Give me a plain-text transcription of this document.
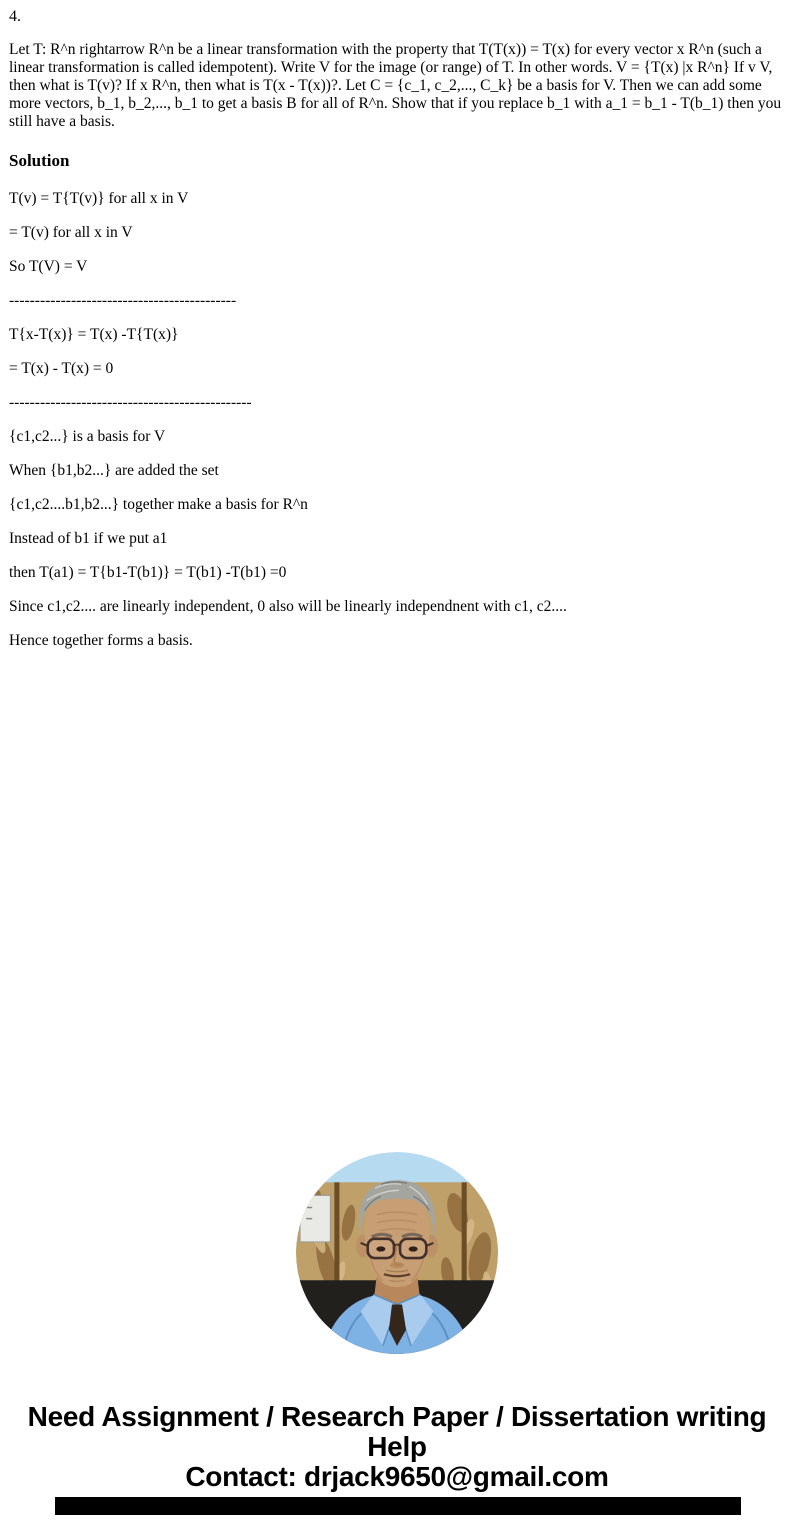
4.
Let T: R^n rightarrow R^n be a linear transformation with the property that T(T(x)) = T(x) for every vector x R^n (such a linear transformation is called idempotent). Write V for the image (or range) of T. In other words. V = {T(x) |x R^n} If v V, then what is T(v)? If x R^n, then what is T(x - T(x))?. Let C = {c_1, c_2,..., C_k} be a basis for V. Then we can add some more vectors, b_1, b_2,..., b_1 to get a basis B for all of R^n. Show that if you replace b_1 with a_1 = b_1 - T(b_1) then you still have a basis.
Solution

T(v) = T{T(v)} for all x in V

= T(v) for all x in V

So T(V) = V

--------------------------------------------

T{x-T(x)} = T(x) -T{T(x)}

= T(x) - T(x) = 0

-----------------------------------------------

{c1,c2...} is a basis for V

When {b1,b2...} are added the set

{c1,c2....b1,b2...} together make a basis for R^n

Instead of b1 if we put a1

then T(a1) = T{b1-T(b1)} = T(b1) -T(b1) =0

Since c1,c2.... are linearly independent, 0 also will be linearly independnent with c1, c2....

Hence together forms a basis.

Need Assignment / Research Paper / Dissertation writing Help
Contact: drjack9650@gmail.com
